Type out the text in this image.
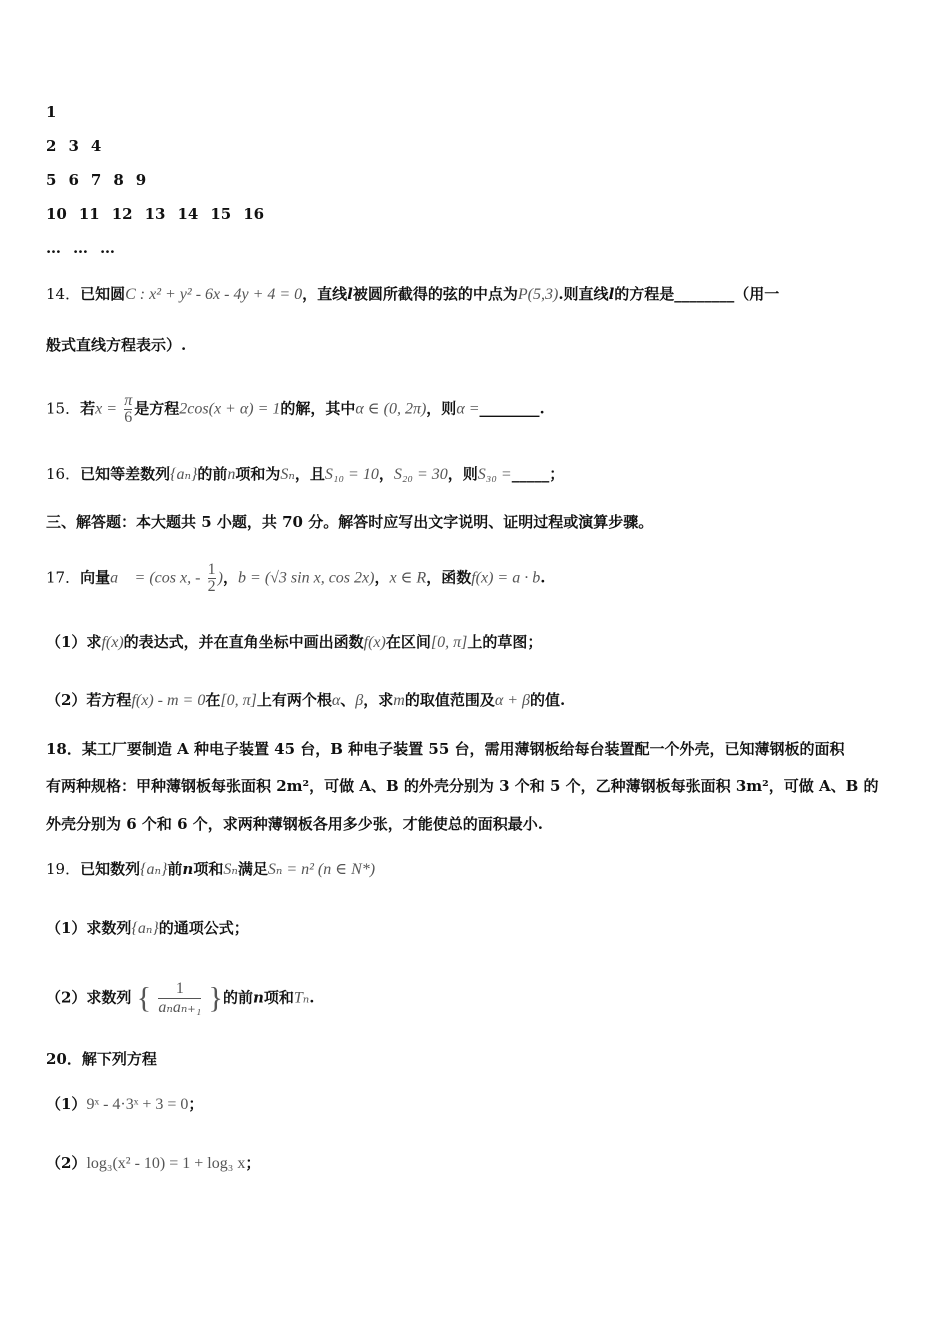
1
2 3 4
5 6 7 8 9
10 11 12 13 14 15 16
… … …
14．已知圆C : x² + y² - 6x - 4y + 4 = 0，直线l被圆所截得的弦的中点为P(5,3).则直线l的方程是________（用一
般式直线方程表示）.
15．若$x = \frac{\pi}{6}$ 是方程2cos(x + α) = 1的解，其中α ∈ (0, 2π)，则α =________.
16．已知等差数列{aₙ}的前n项和为Sₙ，且S₁₀ = 10，S₂₀ = 30，则S₃₀ =_____；
三、解答题：本大题共 5 小题，共 70 分。解答时应写出文字说明、证明过程或演算步骤。
17．向量a⃗ = (cos x, - $\frac{1}{2}$ )，b = (√3 sin x, cos 2x)，x ∈ R，函数f(x) = a · b.
（1）求f(x)的表达式，并在直角坐标中画出函数f(x)在区间[0, π]上的草图；
（2）若方程f(x) - m = 0在[0, π]上有两个根α、β，求m的取值范围及α + β的值.
18．某工厂要制造 A 种电子装置 45 台，B 种电子装置 55 台，需用薄钢板给每台装置配一个外壳，已知薄钢板的面积
有两种规格：甲种薄钢板每张面积 2m²，可做 A、B 的外壳分别为 3 个和 5 个，乙种薄钢板每张面积 3m²，可做 A、B 的
外壳分别为 6 个和 6 个，求两种薄钢板各用多少张，才能使总的面积最小.
19．已知数列{aₙ}前n项和Sₙ满足Sₙ = n² (n ∈ N*)
（1）求数列{aₙ}的通项公式；
（2）求数列 {	1
aₙaₙ₊₁ }的前n项和Tₙ.
20．解下列方程
（1）9ˣ - 4·3ˣ + 3 = 0；
（2）log₃(x² - 10) = 1 + log₃ x；
